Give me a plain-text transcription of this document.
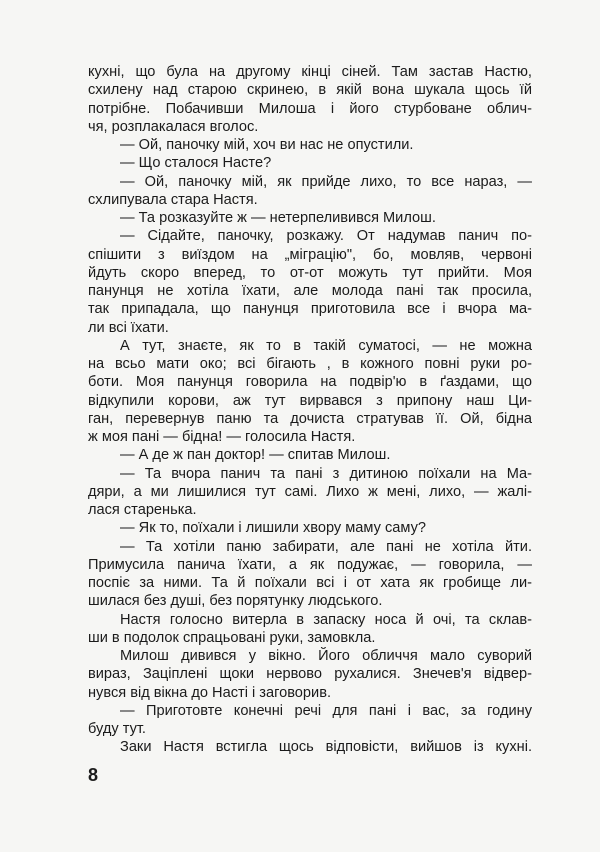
кухні, що була на другому кінці сіней. Там застав Настю,
схилену над старою скринею, в якій вона шукала щось їй
потрібне. Побачивши Милоша і його стурбоване облич-
чя, розплакалася вголос.
— Ой, паночку мій, хоч ви нас не опустили.
— Що сталося Насте?
— Ой, паночку мій, як прийде лихо, то все нараз, —
схлипувала стара Настя.
— Та розказуйте ж — нетерпеливився Милош.
— Сідайте, паночку, розкажу. От надумав панич по-
спішити з виїздом на „міграцію", бо, мовляв, червоні
йдуть скоро вперед, то от-от можуть тут прийти. Моя
панунця не хотіла їхати, але молода пані так просила,
так припадала, що панунця приготовила все і вчора ма-
ли всі їхати.
А тут, знаєте, як то в такій суматосі, — не можна
на всьо мати око; всі бігають , в кожного повні руки ро-
боти. Моя панунця говорила на подвір'ю в ґаздами, що
відкупили корови, аж тут вирвався з припону наш Ци-
ган, перевернув паню та дочиста стратував її. Ой, бідна
ж моя пані — бідна! — голосила Настя.
— А де ж пан доктор! — спитав Милош.
— Та вчора панич та пані з дитиною поїхали на Ма-
дяри, а ми лишилися тут самі. Лихо ж мені, лихо, — жалі-
лася старенька.
— Як то, поїхали і лишили хвору маму саму?
— Та хотіли паню забирати, але пані не хотіла йти.
Примусила панича їхати, а як подужає, — говорила, —
поспіє за ними. Та й поїхали всі і от хата як гробище ли-
шилася без душі, без порятунку людського.
Настя голосно витерла в запаску носа й очі, та склав-
ши в подолок спрацьовані руки, замовкла.
Милош дивився у вікно. Його обличчя мало суворий
вираз, Заціплені щоки нервово рухалися. Знечев'я відвер-
нувся від вікна до Насті і заговорив.
— Приготовте конечні речі для пані і вас, за годину
буду тут.
Заки Настя встигла щось відповісти, вийшов із кухні.
8
